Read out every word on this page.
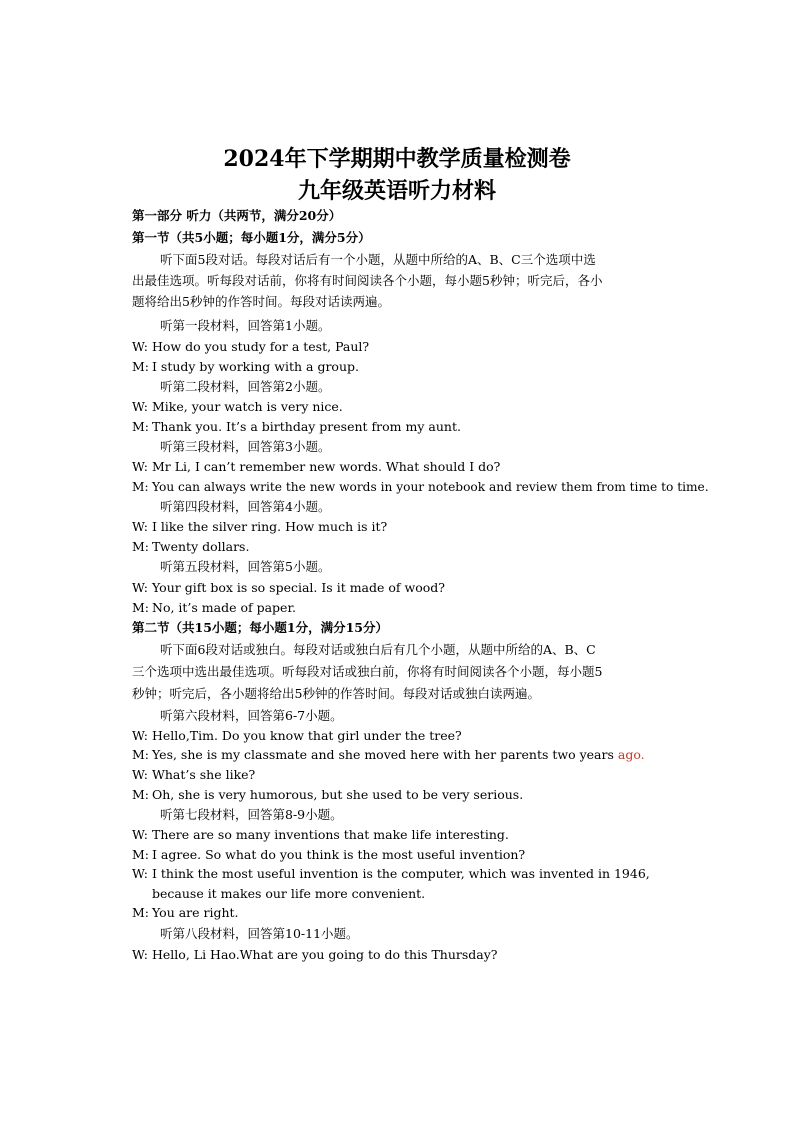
2024年下学期期中教学质量检测卷
九年级英语听力材料
第一部分 听力（共两节，满分20分）
第一节（共5小题；每小题1分，满分5分）
听下面5段对话。每段对话后有一个小题，从题中所给的A、B、C三个选项中选
出最佳选项。听每段对话前，你将有时间阅读各个小题，每小题5秒钟；听完后，各小
题将给出5秒钟的作答时间。每段对话读两遍。
听第一段材料，回答第1小题。
W: How do you study for a test, Paul?
M: I study by working with a group.
听第二段材料，回答第2小题。
W: Mike, your watch is very nice.
M: Thank you. It’s a birthday present from my aunt.
听第三段材料，回答第3小题。
W: Mr Li, I can’t remember new words. What should I do?
M: You can always write the new words in your notebook and review them from time to time.
听第四段材料，回答第4小题。
W: I like the silver ring. How much is it?
M: Twenty dollars.
听第五段材料，回答第5小题。
W: Your gift box is so special. Is it made of wood?
M: No, it’s made of paper.
第二节（共15小题；每小题1分，满分15分）
听下面6段对话或独白。每段对话或独白后有几个小题，从题中所给的A、B、C
三个选项中选出最佳选项。听每段对话或独白前，你将有时间阅读各个小题，每小题5
秒钟；听完后，各小题将给出5秒钟的作答时间。每段对话或独白读两遍。
听第六段材料，回答第6-7小题。
W: Hello,Tim. Do you know that girl under the tree?
M: Yes, she is my classmate and she moved here with her parents two years ago.
W: What’s she like?
M: Oh, she is very humorous, but she used to be very serious.
听第七段材料，回答第8-9小题。
W: There are so many inventions that make life interesting.
M: I agree. So what do you think is the most useful invention?
W: I think the most useful invention is the computer, which was invented in 1946,
because it makes our life more convenient.
M: You are right.
听第八段材料，回答第10-11小题。
W: Hello, Li Hao.What are you going to do this Thursday?
